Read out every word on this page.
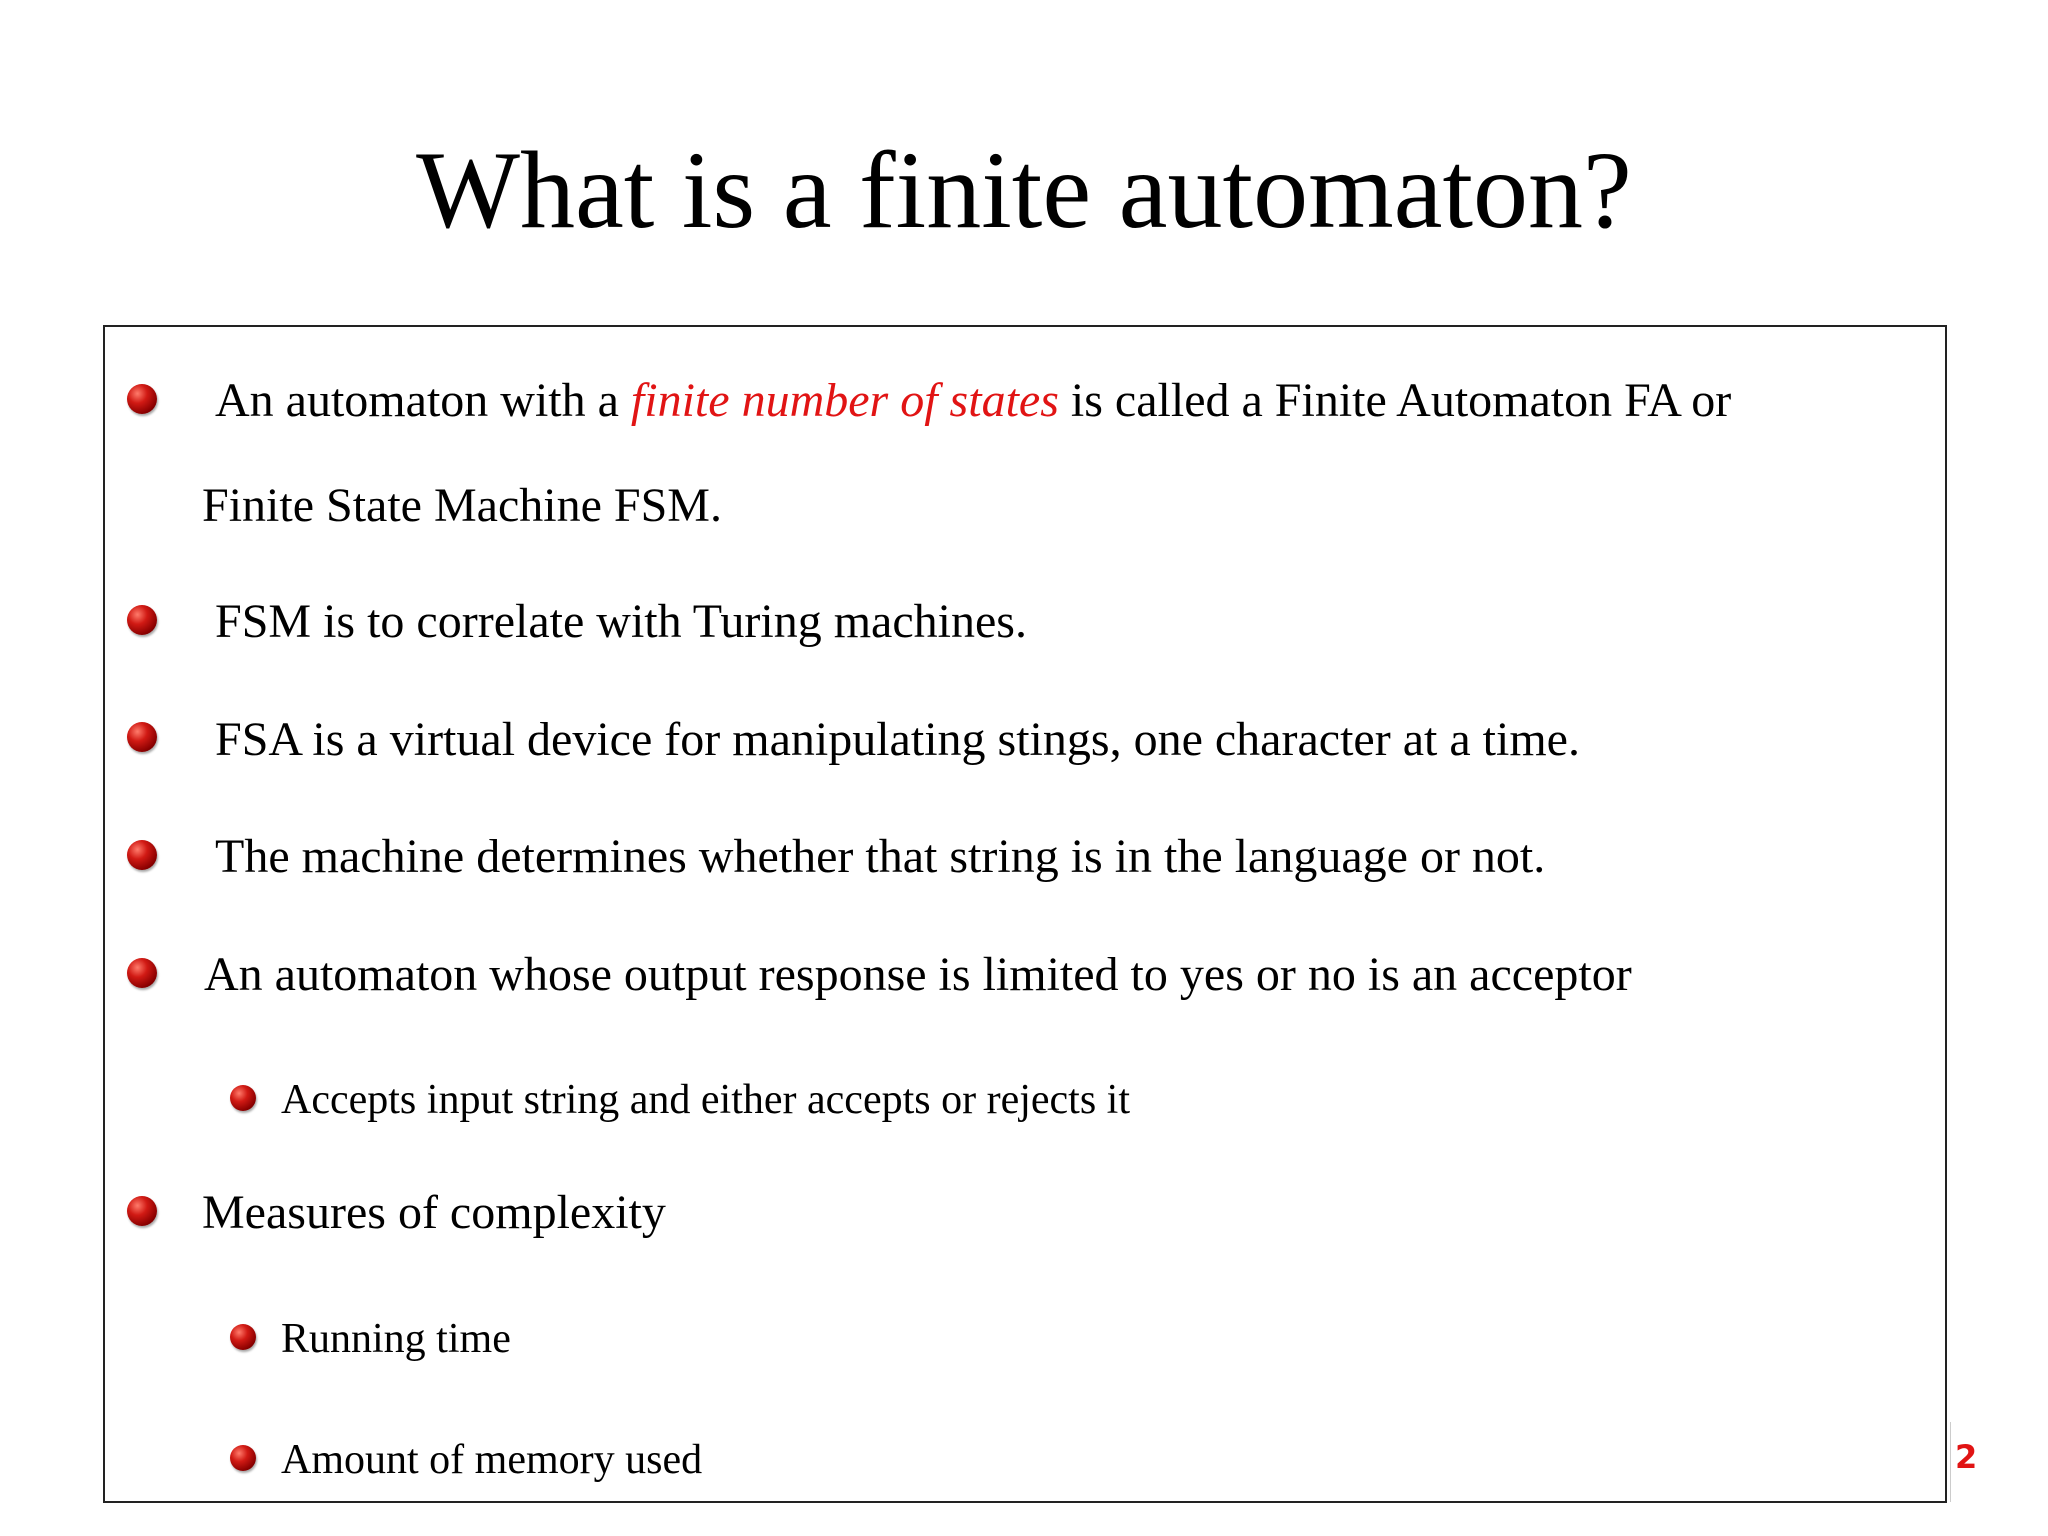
What is a finite automaton?
An automaton with a finite number of states is called a Finite Automaton FA or
Finite State Machine FSM.
FSM is to correlate with Turing machines.
FSA is a virtual device for manipulating stings, one character at a time.
The machine determines whether that string is in the language or not.
An automaton whose output response is limited to yes or no is an acceptor
Accepts input string and either accepts or rejects it
Measures of complexity
Running time
Amount of memory used	2
